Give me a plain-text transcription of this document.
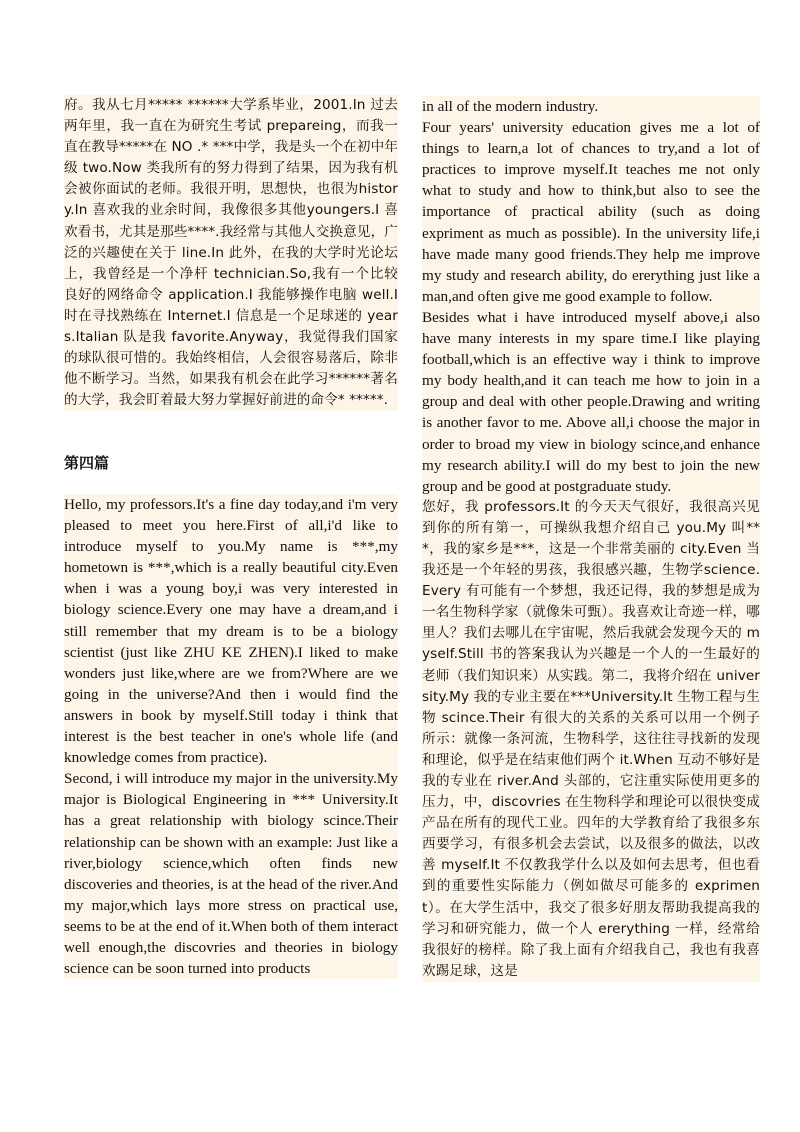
府。我从七月***** ******大学系毕业，2001.In 过去两年里，我一直在为研究生考试 prepareing，而我一直在教导*****在 NO .* ***中学，我是头一个在初中年级 two.Now 类我所有的努力得到了结果，因为我有机会被你面试的老师。我很开明，思想快，也很为history.In 喜欢我的业余时间，我像很多其他youngers.I 喜欢看书，尤其是那些****.我经常与其他人交换意见，广泛的兴趣使在关于 line.In 此外，在我的大学时光论坛上，我曾经是一个净杆 technician.So,我有一个比较良好的网络命令 application.I 我能够操作电脑 well.I 时在寻找熟练在 Internet.I 信息是一个足球迷的 years.Italian 队是我 favorite.Anyway，我觉得我们国家的球队很可惜的。我始终相信，人会很容易落后，除非他不断学习。当然，如果我有机会在此学习******著名的大学，我会盯着最大努力掌握好前进的命令* *****.

第四篇

Hello, my professors.It's a fine day today,and i'm very pleased to meet you here.First of all,i'd like to introduce myself to you.My name is ***,my hometown is ***,which is a really beautiful city.Even when i was a young boy,i was very interested in biology science.Every one may have a dream,and i still remember that my dream is to be a biology scientist (just like ZHU KE ZHEN).I liked to make wonders just like,where are we from?Where are we going in the universe?And then i would find the answers in book by myself.Still today i think that interest is the best teacher in one's whole life (and knowledge comes from practice).

Second, i will introduce my major in the university.My major is Biological Engineering in *** University.It has a great relationship with biology scince.Their relationship can be shown with an example: Just like a river,biology science,which often finds new discoveries and theories, is at the head of the river.And my major,which lays more stress on practical use, seems to be at the end of it.When both of them interact well enough,the discovries and theories in biology science can be soon turned into products

in all of the modern industry.

Four years' university education gives me a lot of things to learn,a lot of chances to try,and a lot of practices to improve myself.It teaches me not only what to study and how to think,but also to see the importance of practical ability (such as doing expriment as much as possible). In the university life,i have made many good friends.They help me improve my study and research ability, do ererything just like a man,and often give me good example to follow.

Besides what i have introduced myself above,i also have many interests in my spare time.I like playing football,which is an effective way i think to improve my body health,and it can teach me how to join in a group and deal with other people.Drawing and writing is another favor to me. Above all,i choose the major in order to broad my view in biology scince,and enhance my research ability.I will do my best to join the new group and be good at postgraduate study.

您好，我 professors.It 的今天天气很好，我很高兴见到你的所有第一，可操纵我想介绍自己 you.My 叫***，我的家乡是***，这是一个非常美丽的 city.Even 当我还是一个年轻的男孩，我很感兴趣，生物学science.Every 有可能有一个梦想，我还记得，我的梦想是成为一名生物科学家（就像朱可甄）。我喜欢让奇迹一样，哪里人？我们去哪儿在宇宙呢，然后我就会发现今天的 myself.Still 书的答案我认为兴趣是一个人的一生最好的老师（我们知识来）从实践。第二，我将介绍在 university.My 我的专业主要在***University.It 生物工程与生物 scince.Their 有很大的关系的关系可以用一个例子所示：就像一条河流，生物科学，这往往寻找新的发现和理论，似乎是在结束他们两个 it.When 互动不够好是我的专业在 river.And 头部的，它注重实际使用更多的压力，中，discovries 在生物科学和理论可以很快变成产品在所有的现代工业。四年的大学教育给了我很多东西要学习，有很多机会去尝试，以及很多的做法，以改善 myself.It 不仅教我学什么以及如何去思考，但也看到的重要性实际能力（例如做尽可能多的 expriment）。在大学生活中，我交了很多好朋友帮助我提高我的学习和研究能力，做一个人 ererything 一样，经常给我很好的榜样。除了我上面有介绍我自己，我也有我喜欢踢足球，这是
